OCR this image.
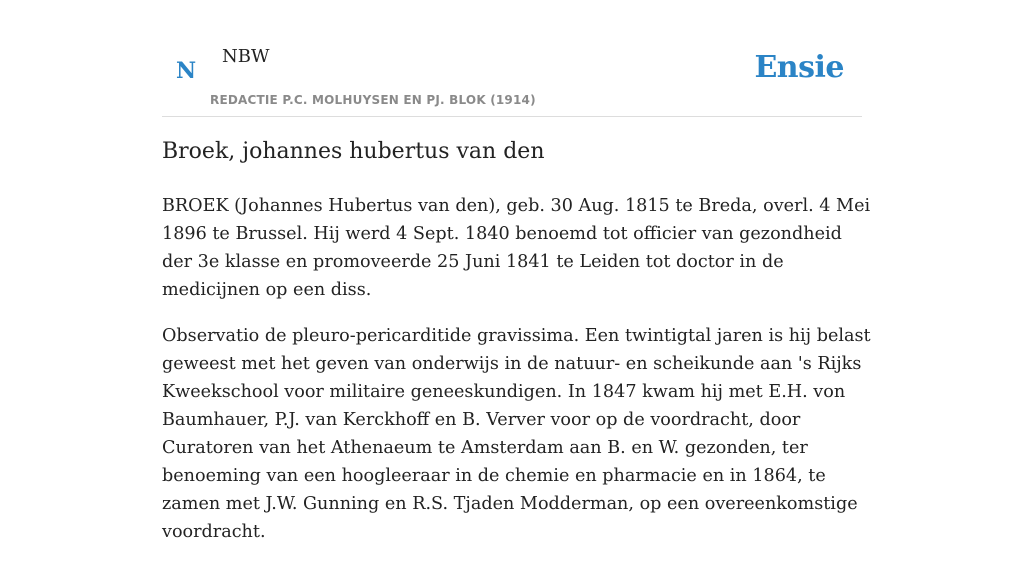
N
NBW
REDACTIE P.C. MOLHUYSEN EN PJ. BLOK (1914)
Ensie
Broek, johannes hubertus van den

BROEK (Johannes Hubertus van den), geb. 30 Aug. 1815 te Breda, overl. 4 Mei 1896 te Brussel. Hij werd 4 Sept. 1840 benoemd tot officier van gezondheid der 3e klasse en promoveerde 25 Juni 1841 te Leiden tot doctor in de medicijnen op een diss.

Observatio de pleuro-pericarditide gravissima. Een twintigtal jaren is hij belast geweest met het geven van onderwijs in de natuur- en scheikunde aan 's Rijks Kweekschool voor militaire geneeskundigen. In 1847 kwam hij met E.H. von Baumhauer, P.J. van Kerckhoff en B. Verver voor op de voordracht, door Curatoren van het Athenaeum te Amsterdam aan B. en W. gezonden, ter benoeming van een hoogleeraar in de chemie en pharmacie en in 1864, te zamen met J.W. Gunning en R.S. Tjaden Modderman, op een overeenkomstige voordracht.
